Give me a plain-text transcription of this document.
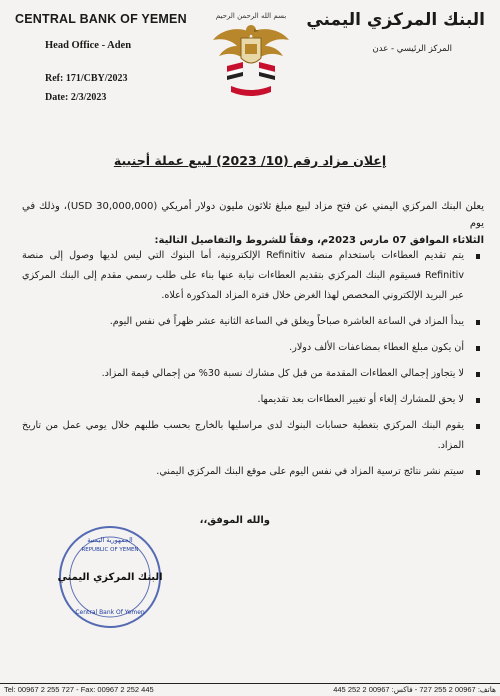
CENTRAL BANK OF YEMEN
Head Office - Aden
Ref: 171/CBY/2023
Date: 2/3/2023
البنك المركزي اليمني
المركز الرئيسي - عدن
بسم الله الرحمن الرحيم
إعلان مزاد رقم (10/ 2023) لبيع عملة أجنبية
يعلن البنك المركزي اليمني عن فتح مزاد لبيع مبلغ ثلاثون مليون دولار أمريكي (USD 30,000,000)، وذلك في يوم
الثلاثاء الموافق 07 مارس 2023م، وفقاً للشروط والتفاصيل التالية:
يتم تقديم العطاءات باستخدام منصة Refinitiv الإلكترونية، أما البنوك التي ليس لديها وصول إلى منصة Refinitiv فسيقوم البنك المركزي بتقديم العطاءات نيابة عنها بناء على طلب رسمي مقدم إلى البنك المركزي عبر البريد الإلكتروني المخصص لهذا الغرض خلال فترة المزاد المذكورة أعلاه.
يبدأ المزاد في الساعة العاشرة صباحاً ويغلق في الساعة الثانية عشر ظهراً في نفس اليوم.
أن يكون مبلغ العطاء بمضاعفات الألف دولار.
لا يتجاوز إجمالي العطاءات المقدمة من قبل كل مشارك نسبة 30% من إجمالي قيمة المزاد.
لا يحق للمشارك إلغاء أو تغيير العطاءات بعد تقديمها.
يقوم البنك المركزي بتغطية حسابات البنوك لدى مراسليها بالخارج بحسب طلبهم خلال يومي عمل من تاريخ المزاد.
سيتم نشر نتائج ترسية المزاد في نفس اليوم على موقع البنك المركزي اليمني.
والله الموفق،،
الجمهورية اليمنية
REPUBLIC OF YEMEN
البنك المركزي اليمني
Central Bank Of Yemen
Tel: 00967 2 255 727 - Fax: 00967 2 252 445	هاتف: 00967 2 255 727 - فاكس: 00967 2 252 445
